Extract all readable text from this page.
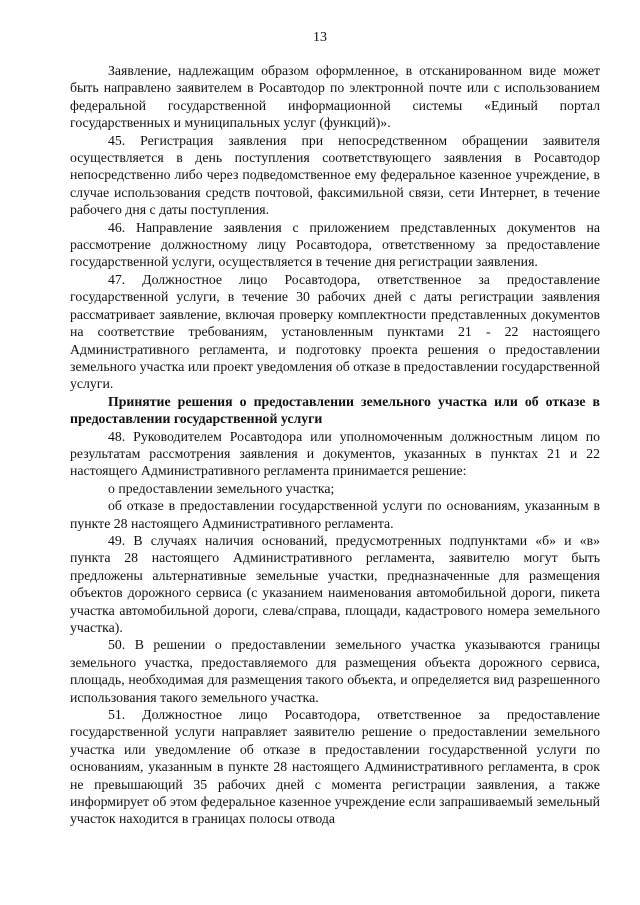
13

Заявление, надлежащим образом оформленное, в отсканированном виде может быть направлено заявителем в Росавтодор по электронной почте или с использованием федеральной государственной информационной системы «Единый портал государственных и муниципальных услуг (функций)».

45. Регистрация заявления при непосредственном обращении заявителя осуществляется в день поступления соответствующего заявления в Росавтодор непосредственно либо через подведомственное ему федеральное казенное учреждение, в случае использования средств почтовой, факсимильной связи, сети Интернет, в течение рабочего дня с даты поступления.

46. Направление заявления с приложением представленных документов на рассмотрение должностному лицу Росавтодора, ответственному за предоставление государственной услуги, осуществляется в течение дня регистрации заявления.

47. Должностное лицо Росавтодора, ответственное за предоставление государственной услуги, в течение 30 рабочих дней с даты регистрации заявления рассматривает заявление, включая проверку комплектности представленных документов на соответствие требованиям, установленным пунктами 21 - 22 настоящего Административного регламента, и подготовку проекта решения о предоставлении земельного участка или проект уведомления об отказе в предоставлении государственной услуги.

Принятие решения о предоставлении земельного участка или об отказе в предоставлении государственной услуги

48. Руководителем Росавтодора или уполномоченным должностным лицом по результатам рассмотрения заявления и документов, указанных в пунктах 21 и 22 настоящего Административного регламента принимается решение:

о предоставлении земельного участка;

об отказе в предоставлении государственной услуги по основаниям, указанным в пункте 28 настоящего Административного регламента.

49. В случаях наличия оснований, предусмотренных подпунктами «б» и «в» пункта 28 настоящего Административного регламента, заявителю могут быть предложены альтернативные земельные участки, предназначенные для размещения объектов дорожного сервиса (с указанием наименования автомобильной дороги, пикета участка автомобильной дороги, слева/справа, площади, кадастрового номера земельного участка).

50. В решении о предоставлении земельного участка указываются границы земельного участка, предоставляемого для размещения объекта дорожного сервиса, площадь, необходимая для размещения такого объекта, и определяется вид разрешенного использования такого земельного участка.

51. Должностное лицо Росавтодора, ответственное за предоставление государственной услуги направляет заявителю решение о предоставлении земельного участка или уведомление об отказе в предоставлении государственной услуги по основаниям, указанным в пункте 28 настоящего Административного регламента, в срок не превышающий 35 рабочих дней с момента регистрации заявления, а также информирует об этом федеральное казенное учреждение если запрашиваемый земельный участок находится в границах полосы отвода
